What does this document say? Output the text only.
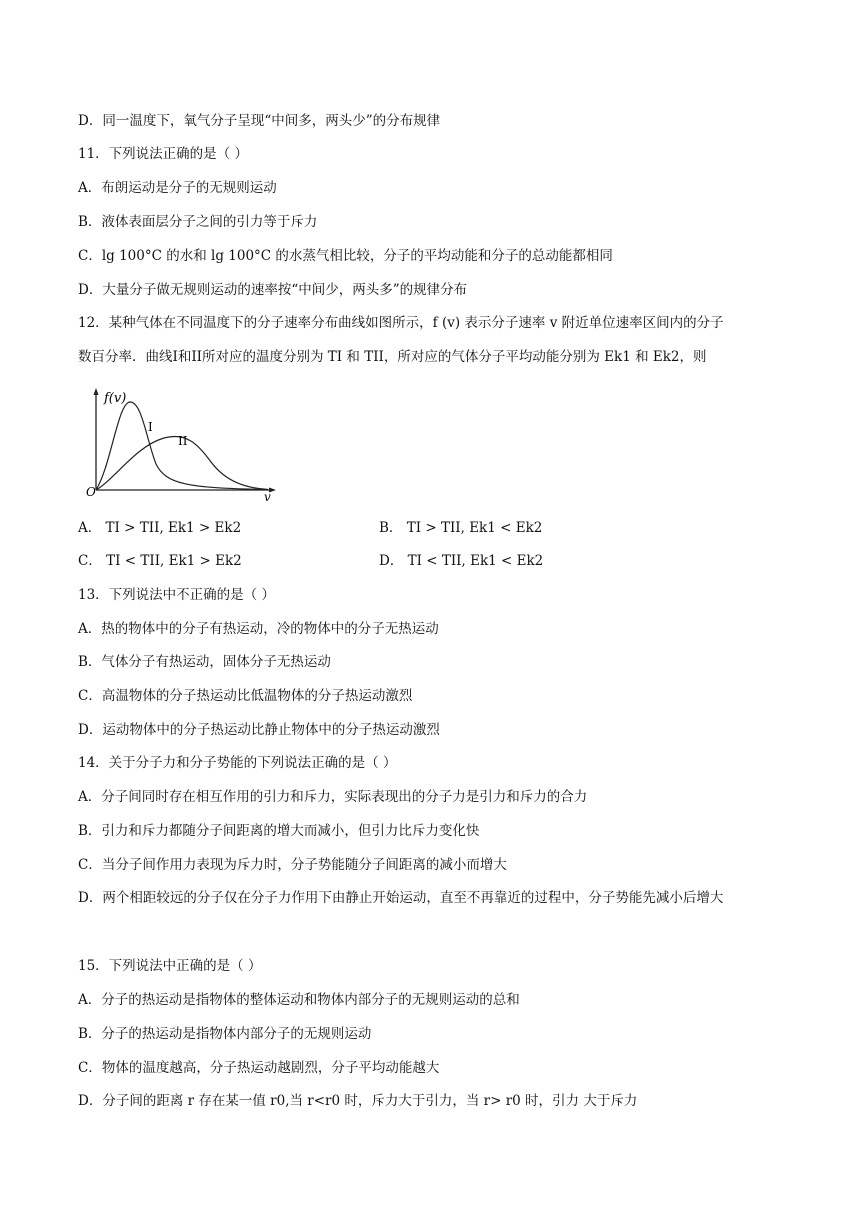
D．同一温度下，氧气分子呈现“中间多，两头少”的分布规律
11．下列说法正确的是（ ）
A．布朗运动是分子的无规则运动
B．液体表面层分子之间的引力等于斥力
C．lg 100°C 的水和 lg 100°C 的水蒸气相比较，分子的平均动能和分子的总动能都相同
D．大量分子做无规则运动的速率按“中间少，两头多”的规律分布
12．某种气体在不同温度下的分子速率分布曲线如图所示，f (v) 表示分子速率 v 附近单位速率区间内的分子
数百分率．曲线I和II所对应的温度分别为 TI 和 TII，所对应的气体分子平均动能分别为 Ek1 和 Ek2，则
f(v)
v
O
I
II
A． TI > TII, Ek1 > Ek2	B． TI > TII, Ek1 < Ek2
C． TI < TII, Ek1 > Ek2	D． TI < TII, Ek1 < Ek2
13．下列说法中不正确的是（ ）
A．热的物体中的分子有热运动，冷的物体中的分子无热运动
B．气体分子有热运动，固体分子无热运动
C．高温物体的分子热运动比低温物体的分子热运动激烈
D．运动物体中的分子热运动比静止物体中的分子热运动激烈
14．关于分子力和分子势能的下列说法正确的是（ ）
A．分子间同时存在相互作用的引力和斥力，实际表现出的分子力是引力和斥力的合力
B．引力和斥力都随分子间距离的增大而减小，但引力比斥力变化快
C．当分子间作用力表现为斥力时，分子势能随分子间距离的减小而增大
D．两个相距较远的分子仅在分子力作用下由静止开始运动，直至不再靠近的过程中，分子势能先减小后增大
15．下列说法中正确的是（ ）
A．分子的热运动是指物体的整体运动和物体内部分子的无规则运动的总和
B．分子的热运动是指物体内部分子的无规则运动
C．物体的温度越高，分子热运动越剧烈，分子平均动能越大
D．分子间的距离 r 存在某一值 r0,当 r<r0 时，斥力大于引力，当 r> r0 时，引力 大于斥力
